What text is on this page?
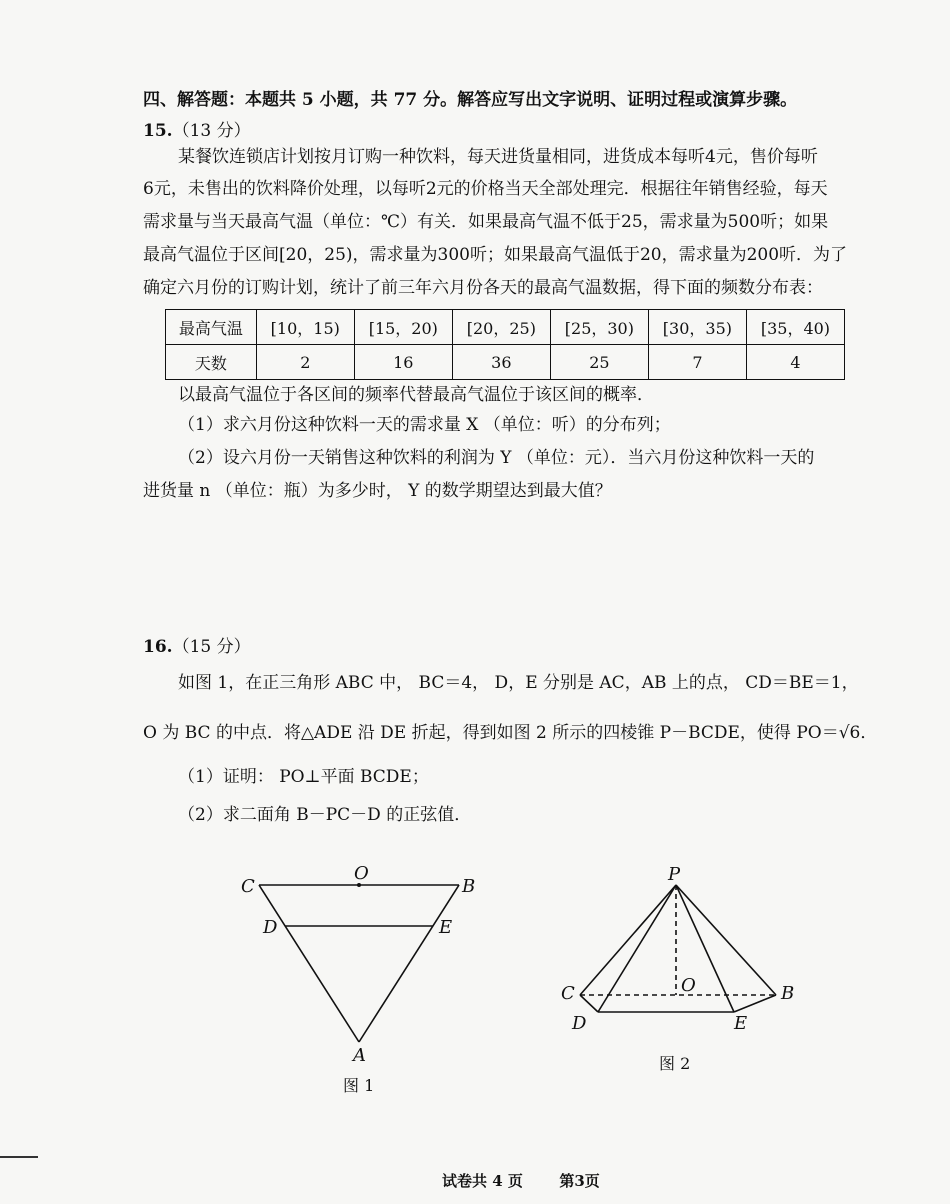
四、解答题：本题共 5 小题，共 77 分。解答应写出文字说明、证明过程或演算步骤。
15.（13 分）
某餐饮连锁店计划按月订购一种饮料，每天进货量相同，进货成本每听4元，售价每听
6元，未售出的饮料降价处理，以每听2元的价格当天全部处理完．根据往年销售经验，每天
需求量与当天最高气温（单位：℃）有关．如果最高气温不低于25，需求量为500听；如果
最高气温位于区间[20，25)，需求量为300听；如果最高气温低于20，需求量为200听．为了
确定六月份的订购计划，统计了前三年六月份各天的最高气温数据，得下面的频数分布表：
最高气温	[10，15)	[15，20)	[20，25)	[25，30)	[30，35)	[35，40)
天数	2	16	36	25	7	4
以最高气温位于各区间的频率代替最高气温位于该区间的概率．
（1）求六月份这种饮料一天的需求量 X （单位：听）的分布列；
（2）设六月份一天销售这种饮料的利润为 Y （单位：元）．当六月份这种饮料一天的
进货量 n （单位：瓶）为多少时， Y 的数学期望达到最大值？
16.（15 分）
如图 1，在正三角形 ABC 中， BC＝4， D，E 分别是 AC，AB 上的点， CD＝BE＝1，
O 为 BC 的中点．将△ADE 沿 DE 折起，得到如图 2 所示的四棱锥 P－BCDE，使得 PO＝√6．
（1）证明： PO⊥平面 BCDE；
（2）求二面角 B－PC－D 的正弦值．
C
O
B
D	E
A
P
C	O	B
D	E
图 1
图 2
试卷共 4 页 第3页
